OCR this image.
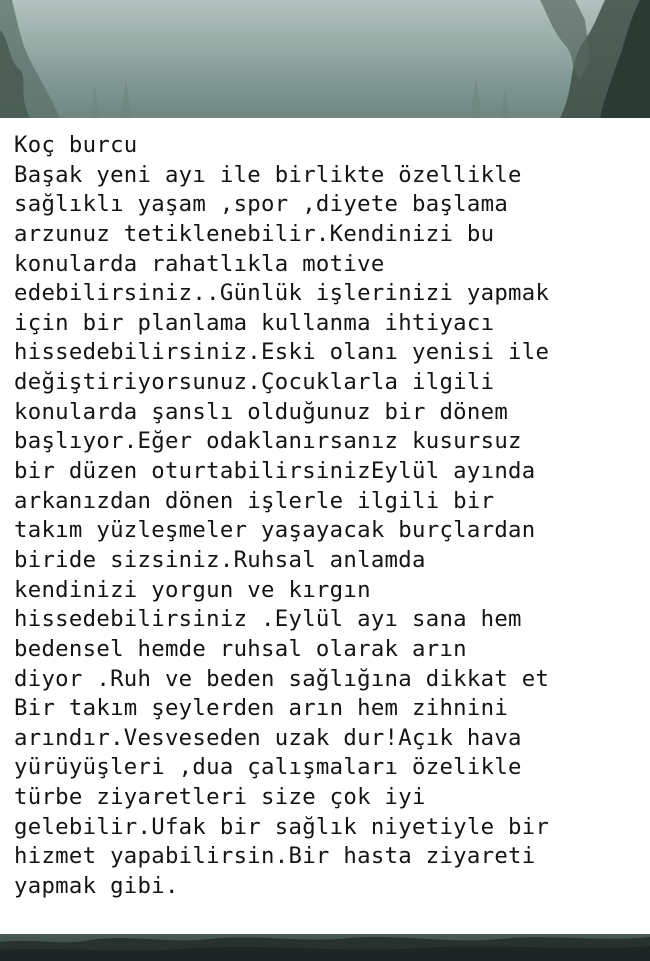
Koç burcu
Başak yeni ayı ile birlikte özellikle
sağlıklı yaşam ,spor ,diyete başlama
arzunuz tetiklenebilir.Kendinizi bu
konularda rahatlıkla motive
edebilirsiniz..Günlük işlerinizi yapmak
için bir planlama kullanma ihtiyacı
hissedebilirsiniz.Eski olanı yenisi ile
değiştiriyorsunuz.Çocuklarla ilgili
konularda şanslı olduğunuz bir dönem
başlıyor.Eğer odaklanırsanız kusursuz
bir düzen oturtabilirsinizEylül ayında
arkanızdan dönen işlerle ilgili bir
takım yüzleşmeler yaşayacak burçlardan
biride sizsiniz.Ruhsal anlamda
kendinizi yorgun ve kırgın
hissedebilirsiniz .Eylül ayı sana hem
bedensel hemde ruhsal olarak arın
diyor .Ruh ve beden sağlığına dikkat et
Bir takım şeylerden arın hem zihnini
arındır.Vesveseden uzak dur!Açık hava
yürüyüşleri ,dua çalışmaları özelikle
türbe ziyaretleri size çok iyi
gelebilir.Ufak bir sağlık niyetiyle bir
hizmet yapabilirsin.Bir hasta ziyareti
yapmak gibi.
